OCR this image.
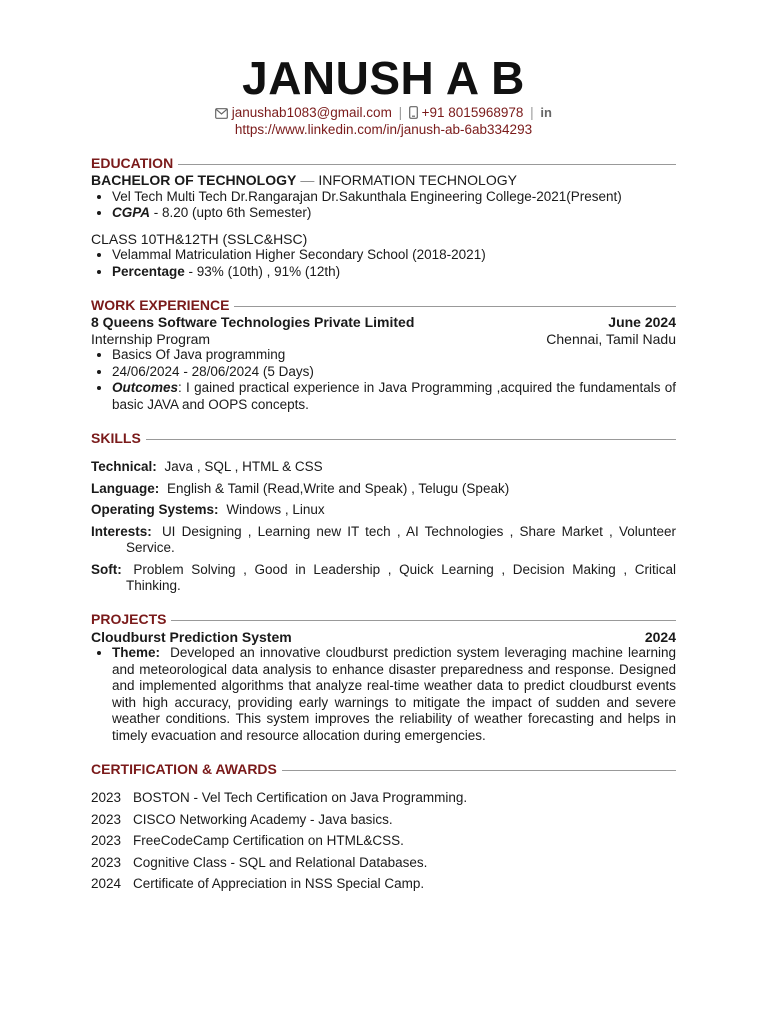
JANUSH A B
janushab1083@gmail.com | +91 8015968978 | in
https://www.linkedin.com/in/janush-ab-6ab334293
EDUCATION
BACHELOR OF TECHNOLOGY — INFORMATION TECHNOLOGY
• Vel Tech Multi Tech Dr.Rangarajan Dr.Sakunthala Engineering College-2021(Present)
• CGPA - 8.20 (upto 6th Semester)
CLASS 10TH&12TH (SSLC&HSC)
• Velammal Matriculation Higher Secondary School (2018-2021)
• Percentage - 93% (10th) , 91% (12th)
WORK EXPERIENCE
8 Queens Software Technologies Private Limited	June 2024
Internship Program	Chennai, Tamil Nadu
• Basics Of Java programming
• 24/06/2024 - 28/06/2024 (5 Days)
• Outcomes: I gained practical experience in Java Programming ,acquired the fundamentals of basic JAVA and OOPS concepts.
SKILLS
Technical: Java , SQL , HTML & CSS
Language: English & Tamil (Read,Write and Speak) , Telugu (Speak)
Operating Systems: Windows , Linux
Interests: UI Designing , Learning new IT tech , AI Technologies , Share Market , Volunteer Service.
Soft: Problem Solving , Good in Leadership , Quick Learning , Decision Making , Critical Thinking.
PROJECTS
Cloudburst Prediction System	2024
• Theme: Developed an innovative cloudburst prediction system leveraging machine learning and meteorological data analysis to enhance disaster preparedness and response. Designed and implemented algorithms that analyze real-time weather data to predict cloudburst events with high accuracy, providing early warnings to mitigate the impact of sudden and severe weather conditions. This system improves the reliability of weather forecasting and helps in timely evacuation and resource allocation during emergencies.
CERTIFICATION & AWARDS
2023 BOSTON - Vel Tech Certification on Java Programming.
2023 CISCO Networking Academy - Java basics.
2023 FreeCodeCamp Certification on HTML&CSS.
2023 Cognitive Class - SQL and Relational Databases.
2024 Certificate of Appreciation in NSS Special Camp.
